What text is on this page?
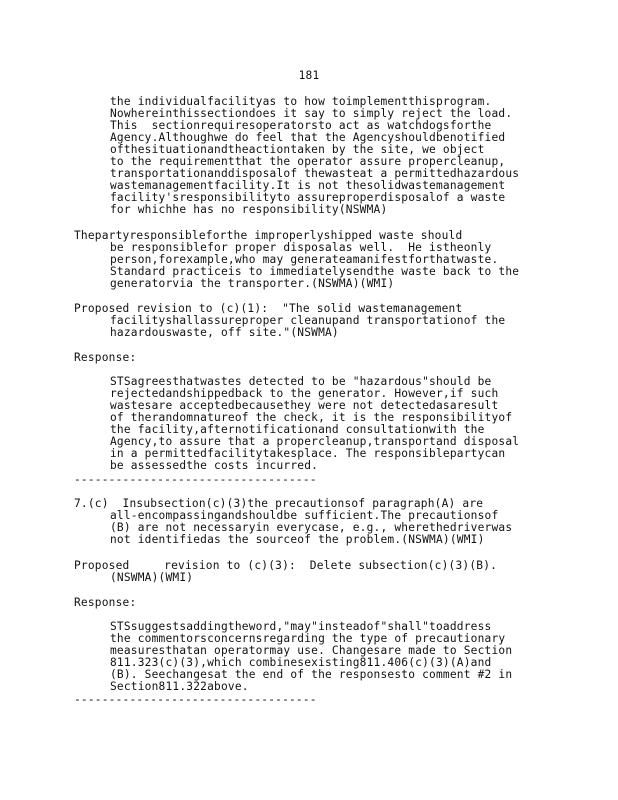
181
the individualfacilityas to how toimplementthisprogram.
Nowhereinthissectiondoes it say to simply reject the load.
This  sectionrequiresoperatorsto act as watchdogsforthe
Agency.Althoughwe do feel that the Agencyshouldbenotified
ofthesituationandtheactiontaken by the site, we object
to the requirementthat the operator assure propercleanup,
transportationanddisposalof thewasteat a permittedhazardous
wastemanagementfacility.It is not thesolidwastemanagement
facility'sresponsibilityto assureproperdisposalof a waste
for whichhe has no responsibility(NSWMA)
Thepartyresponsibleforthe improperlyshipped waste should
be responsiblefor proper disposalas well.  He istheonly
person,forexample,who may generateamanifestforthatwaste.
Standard practiceis to immediatelysendthe waste back to the
generatorvia the transporter.(NSWMA)(WMI)
Proposed revision to (c)(1):  "The solid wastemanagement
facilityshallassureproper cleanupand transportationof the
hazardouswaste, off site."(NSWMA)
Response:
STSagreesthatwastes detected to be "hazardous"should be
rejectedandshippedback to the generator. However,if such
wastesare acceptedbecausethey were not detectedasaresult
of therandomnatureof the check, it is the responsibilityof
the facility,afternotificationand consultationwith the
Agency,to assure that a propercleanup,transportand disposal
in a permittedfacilitytakesplace. The responsiblepartycan
be assessedthe costs incurred.
-----------------------------------
7.(c)  Insubsection(c)(3)the precautionsof paragraph(A) are
all-encompassingandshouldbe sufficient.The precautionsof
(B) are not necessaryin everycase, e.g., wherethedriverwas
not identifiedas the sourceof the problem.(NSWMA)(WMI)
Proposed     revision to (c)(3):  Delete subsection(c)(3)(B).
(NSWMA)(WMI)
Response:
STSsuggestsaddingtheword,"may"insteadof"shall"toaddress
the commentorsconcernsregarding the type of precautionary
measuresthatan operatormay use. Changesare made to Section
811.323(c)(3),which combinesexisting811.406(c)(3)(A)and
(B). Seechangesat the end of the responsesto comment #2 in
Section811.322above.
-----------------------------------
